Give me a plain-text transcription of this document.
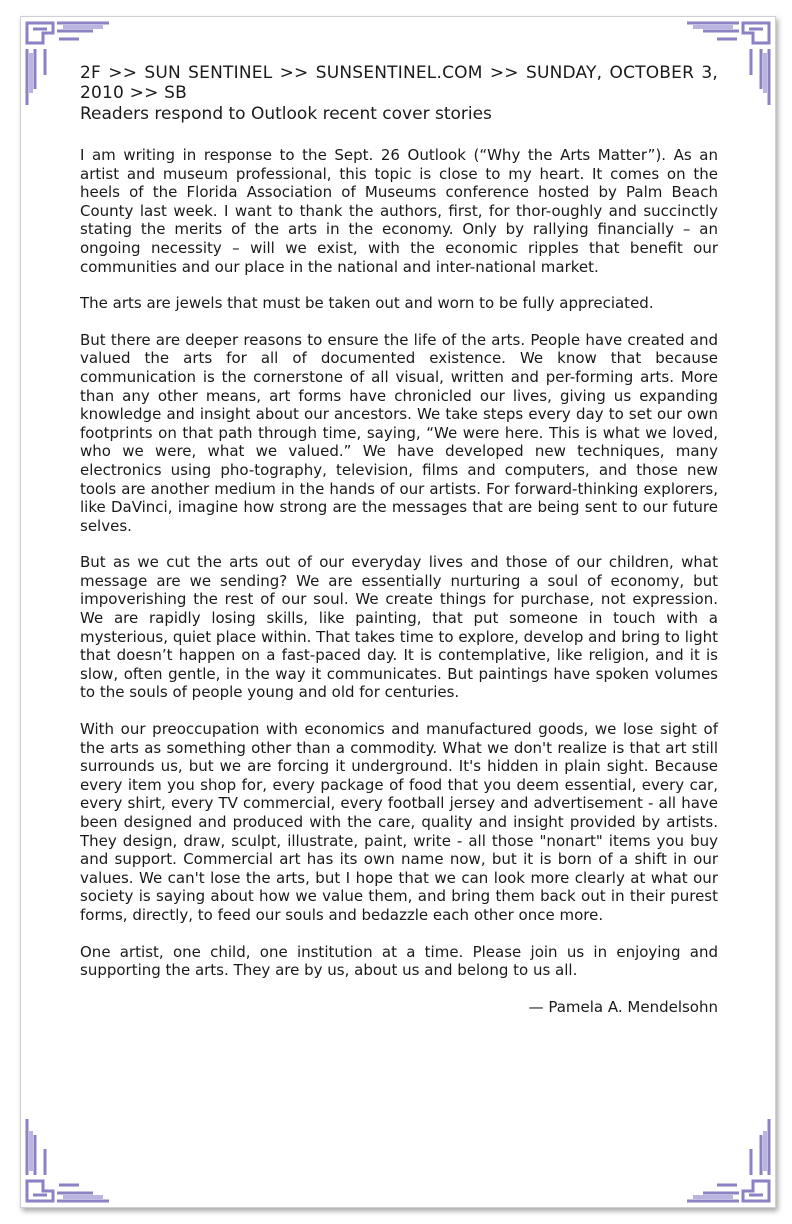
2F >> SUN SENTINEL >> SUNSENTINEL.COM >> SUNDAY, OCTOBER 3, 2010 >> SB

Readers respond to Outlook recent cover stories

I am writing in response to the Sept. 26 Outlook (“Why the Arts Matter”). As an artist and museum professional, this topic is close to my heart. It comes on the heels of the Florida Association of Museums conference hosted by Palm Beach County last week. I want to thank the authors, first, for thor-oughly and succinctly stating the merits of the arts in the economy. Only by rallying financially – an ongoing necessity – will we exist, with the economic ripples that benefit our communities and our place in the national and inter-national market.

The arts are jewels that must be taken out and worn to be fully appreciated.

But there are deeper reasons to ensure the life of the arts. People have created and valued the arts for all of documented existence. We know that because communication is the cornerstone of all visual, written and per-forming arts. More than any other means, art forms have chronicled our lives, giving us expanding knowledge and insight about our ancestors. We take steps every day to set our own footprints on that path through time, saying, “We were here. This is what we loved, who we were, what we valued.” We have developed new techniques, many electronics using pho-tography, television, films and computers, and those new tools are another medium in the hands of our artists. For forward-thinking explorers, like DaVinci, imagine how strong are the messages that are being sent to our future selves.

But as we cut the arts out of our everyday lives and those of our children, what message are we sending? We are essentially nurturing a soul of economy, but impoverishing the rest of our soul. We create things for purchase, not expression. We are rapidly losing skills, like painting, that put someone in touch with a mysterious, quiet place within. That takes time to explore, develop and bring to light that doesn’t happen on a fast-paced day. It is contemplative, like religion, and it is slow, often gentle, in the way it communicates. But paintings have spoken volumes to the souls of people young and old for centuries.

With our preoccupation with economics and manufactured goods, we lose sight of the arts as something other than a commodity. What we don't realize is that art still surrounds us, but we are forcing it underground. It's hidden in plain sight. Because every item you shop for, every package of food that you deem essential, every car, every shirt, every TV commercial, every football jersey and advertisement - all have been designed and produced with the care, quality and insight provided by artists. They design, draw, sculpt, illustrate, paint, write - all those "nonart" items you buy and support. Commercial art has its own name now, but it is born of a shift in our values. We can't lose the arts, but I hope that we can look more clearly at what our society is saying about how we value them, and bring them back out in their purest forms, directly, to feed our souls and bedazzle each other once more.

One artist, one child, one institution at a time. Please join us in enjoying and supporting the arts. They are by us, about us and belong to us all.

— Pamela A. Mendelsohn
